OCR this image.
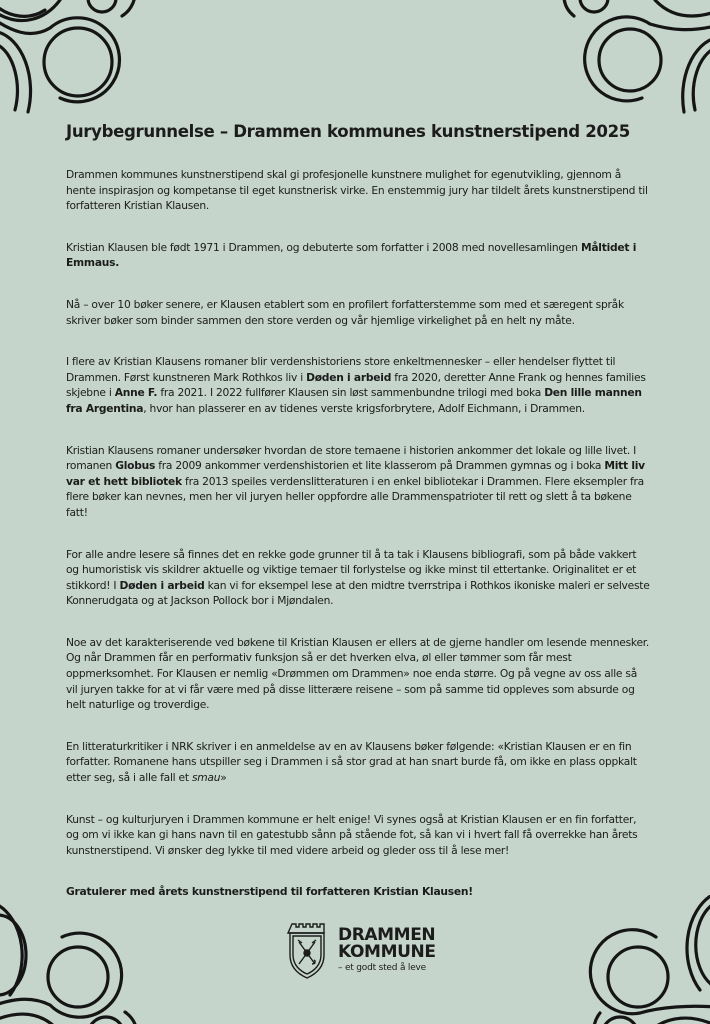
Jurybegrunnelse – Drammen kommunes kunstnerstipend 2025

Drammen kommunes kunstnerstipend skal gi profesjonelle kunstnere mulighet for egenutvikling, gjennom å hente inspirasjon og kompetanse til eget kunstnerisk virke. En enstemmig jury har tildelt årets kunstnerstipend til forfatteren Kristian Klausen.

Kristian Klausen ble født 1971 i Drammen, og debuterte som forfatter i 2008 med novellesamlingen Måltidet i Emmaus.

Nå – over 10 bøker senere, er Klausen etablert som en profilert forfatterstemme som med et særegent språk skriver bøker som binder sammen den store verden og vår hjemlige virkelighet på en helt ny måte.

I flere av Kristian Klausens romaner blir verdenshistoriens store enkeltmennesker – eller hendelser flyttet til Drammen. Først kunstneren Mark Rothkos liv i Døden i arbeid fra 2020, deretter Anne Frank og hennes families skjebne i Anne F. fra 2021. I 2022 fullfører Klausen sin løst sammenbundne trilogi med boka Den lille mannen fra Argentina, hvor han plasserer en av tidenes verste krigsforbrytere, Adolf Eichmann, i Drammen.

Kristian Klausens romaner undersøker hvordan de store temaene i historien ankommer det lokale og lille livet. I romanen Globus fra 2009 ankommer verdenshistorien et lite klasserom på Drammen gymnas og i boka Mitt liv var et hett bibliotek fra 2013 speiles verdenslitteraturen i en enkel bibliotekar i Drammen. Flere eksempler fra flere bøker kan nevnes, men her vil juryen heller oppfordre alle Drammenspatrioter til rett og slett å ta bøkene fatt!

For alle andre lesere så finnes det en rekke gode grunner til å ta tak i Klausens bibliografi, som på både vakkert og humoristisk vis skildrer aktuelle og viktige temaer til forlystelse og ikke minst til ettertanke. Originalitet er et stikkord! I Døden i arbeid kan vi for eksempel lese at den midtre tverrstripa i Rothkos ikoniske maleri er selveste Konnerudgata og at Jackson Pollock bor i Mjøndalen.

Noe av det karakteriserende ved bøkene til Kristian Klausen er ellers at de gjerne handler om lesende mennesker. Og når Drammen får en performativ funksjon så er det hverken elva, øl eller tømmer som får mest oppmerksomhet. For Klausen er nemlig «Drømmen om Drammen» noe enda større. Og på vegne av oss alle så vil juryen takke for at vi får være med på disse litterære reisene – som på samme tid oppleves som absurde og helt naturlige og troverdige.

En litteraturkritiker i NRK skriver i en anmeldelse av en av Klausens bøker følgende: «Kristian Klausen er en fin forfatter. Romanene hans utspiller seg i Drammen i så stor grad at han snart burde få, om ikke en plass oppkalt etter seg, så i alle fall et smau»

Kunst – og kulturjuryen i Drammen kommune er helt enige! Vi synes også at Kristian Klausen er en fin forfatter, og om vi ikke kan gi hans navn til en gatestubb sånn på stående fot, så kan vi i hvert fall få overrekke han årets kunstnerstipend. Vi ønsker deg lykke til med videre arbeid og gleder oss til å lese mer!

Gratulerer med årets kunstnerstipend til forfatteren Kristian Klausen!

DRAMMEN
KOMMUNE
– et godt sted å leve
